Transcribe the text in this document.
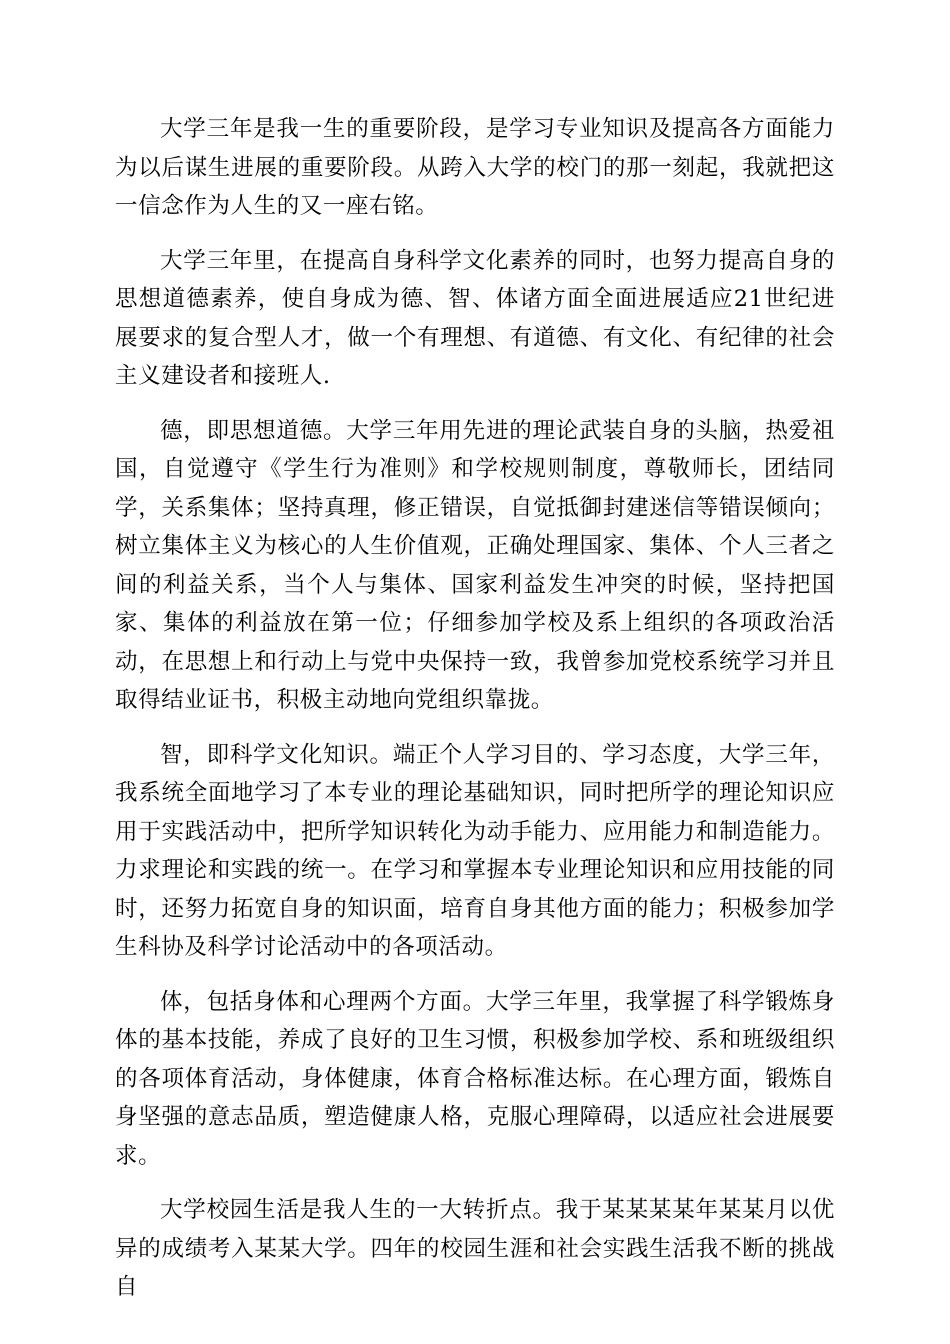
大学三年是我一生的重要阶段，是学习专业知识及提高各方面能力为以后谋生进展的重要阶段。从跨入大学的校门的那一刻起，我就把这一信念作为人生的又一座右铭。

大学三年里，在提高自身科学文化素养的同时，也努力提高自身的思想道德素养，使自身成为德、智、体诸方面全面进展适应21世纪进展要求的复合型人才，做一个有理想、有道德、有文化、有纪律的社会主义建设者和接班人.

德，即思想道德。大学三年用先进的理论武装自身的头脑，热爱祖国，自觉遵守《学生行为准则》和学校规则制度，尊敬师长，团结同学，关系集体；坚持真理，修正错误，自觉抵御封建迷信等错误倾向；树立集体主义为核心的人生价值观，正确处理国家、集体、个人三者之间的利益关系，当个人与集体、国家利益发生冲突的时候，坚持把国家、集体的利益放在第一位；仔细参加学校及系上组织的各项政治活动，在思想上和行动上与党中央保持一致，我曾参加党校系统学习并且取得结业证书，积极主动地向党组织靠拢。

智，即科学文化知识。端正个人学习目的、学习态度，大学三年，我系统全面地学习了本专业的理论基础知识，同时把所学的理论知识应用于实践活动中，把所学知识转化为动手能力、应用能力和制造能力。力求理论和实践的统一。在学习和掌握本专业理论知识和应用技能的同时，还努力拓宽自身的知识面，培育自身其他方面的能力；积极参加学生科协及科学讨论活动中的各项活动。

体，包括身体和心理两个方面。大学三年里，我掌握了科学锻炼身体的基本技能，养成了良好的卫生习惯，积极参加学校、系和班级组织的各项体育活动，身体健康，体育合格标准达标。在心理方面，锻炼自身坚强的意志品质，塑造健康人格，克服心理障碍，以适应社会进展要求。

大学校园生活是我人生的一大转折点。我于某某某某年某某月以优异的成绩考入某某大学。四年的校园生涯和社会实践生活我不断的挑战自
